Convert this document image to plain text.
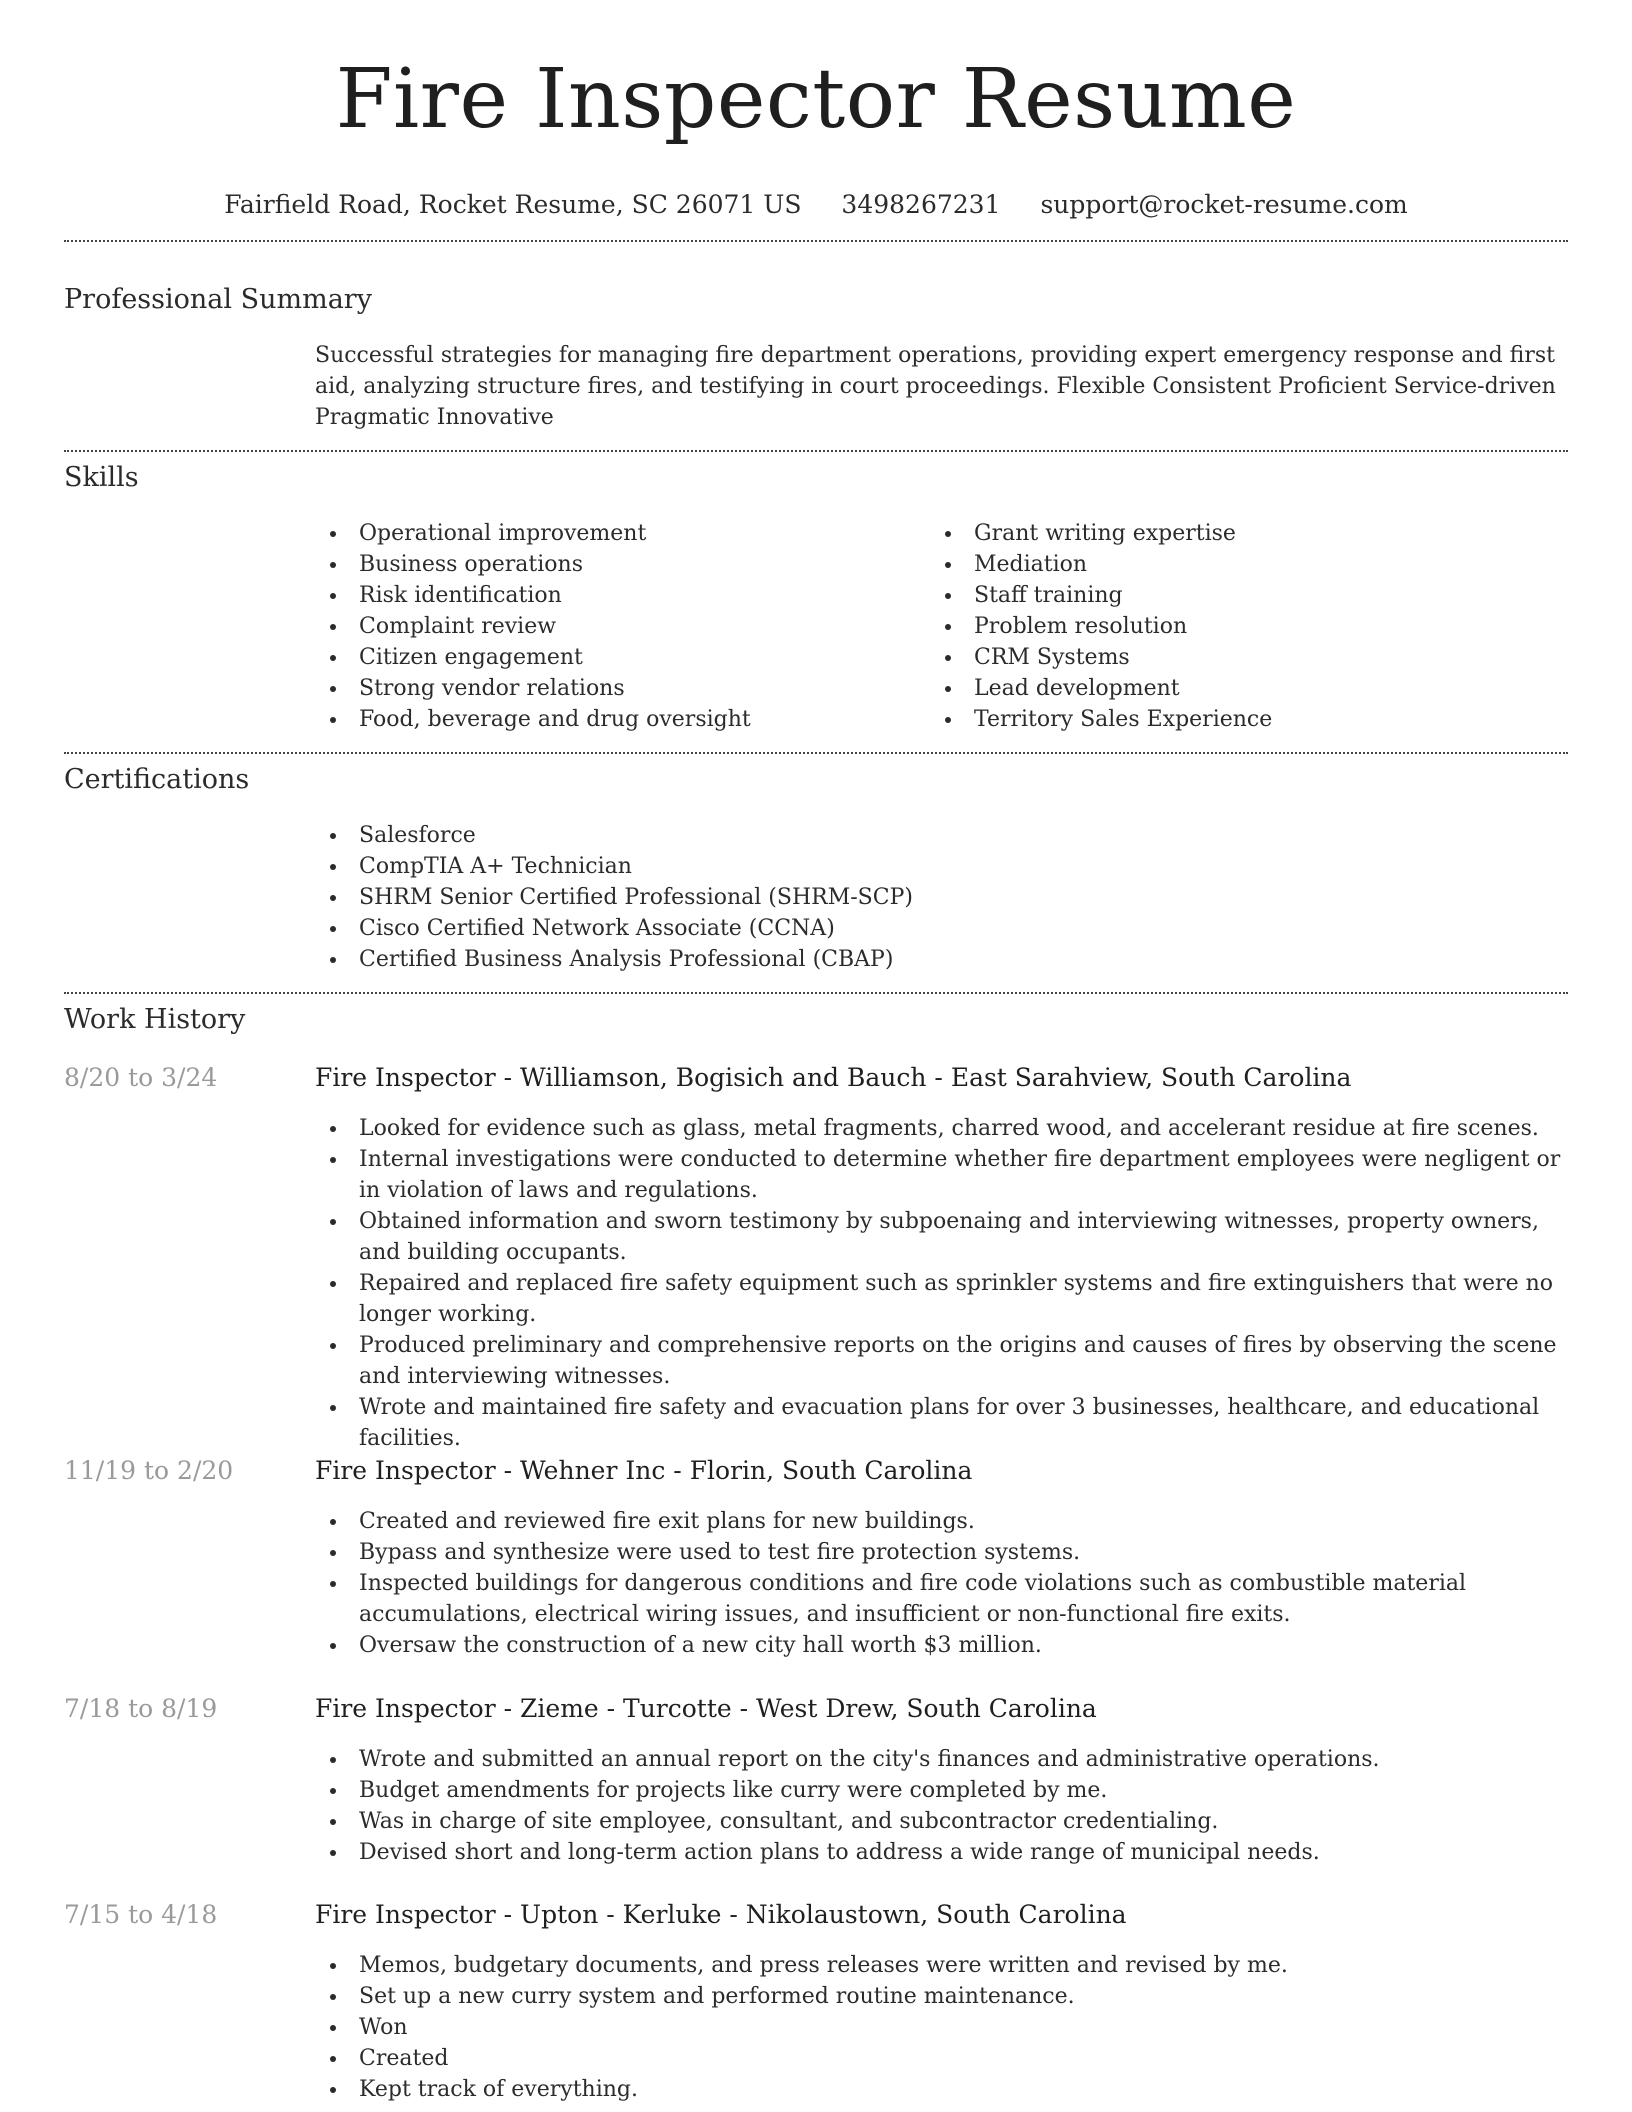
Fire Inspector Resume
Fairfield Road, Rocket Resume, SC 26071 US 3498267231 support@rocket-resume.com
Professional Summary
Successful strategies for managing fire department operations, providing expert emergency response and first aid, analyzing structure fires, and testifying in court proceedings. Flexible Consistent Proficient Service-driven Pragmatic Innovative
Skills
Operational improvement
Business operations
Risk identification
Complaint review
Citizen engagement
Strong vendor relations
Food, beverage and drug oversight
Grant writing expertise
Mediation
Staff training
Problem resolution
CRM Systems
Lead development
Territory Sales Experience
Certifications
Salesforce
CompTIA A+ Technician
SHRM Senior Certified Professional (SHRM-SCP)
Cisco Certified Network Associate (CCNA)
Certified Business Analysis Professional (CBAP)
Work History
8/20 to 3/24	Fire Inspector - Williamson, Bogisich and Bauch - East Sarahview, South Carolina
Looked for evidence such as glass, metal fragments, charred wood, and accelerant residue at fire scenes.
Internal investigations were conducted to determine whether fire department employees were negligent or in violation of laws and regulations.
Obtained information and sworn testimony by subpoenaing and interviewing witnesses, property owners, and building occupants.
Repaired and replaced fire safety equipment such as sprinkler systems and fire extinguishers that were no longer working.
Produced preliminary and comprehensive reports on the origins and causes of fires by observing the scene and interviewing witnesses.
Wrote and maintained fire safety and evacuation plans for over 3 businesses, healthcare, and educational facilities.
11/19 to 2/20	Fire Inspector - Wehner Inc - Florin, South Carolina
Created and reviewed fire exit plans for new buildings.
Bypass and synthesize were used to test fire protection systems.
Inspected buildings for dangerous conditions and fire code violations such as combustible material accumulations, electrical wiring issues, and insufficient or non-functional fire exits.
Oversaw the construction of a new city hall worth $3 million.
7/18 to 8/19	Fire Inspector - Zieme - Turcotte - West Drew, South Carolina
Wrote and submitted an annual report on the city's finances and administrative operations.
Budget amendments for projects like curry were completed by me.
Was in charge of site employee, consultant, and subcontractor credentialing.
Devised short and long-term action plans to address a wide range of municipal needs.
7/15 to 4/18	Fire Inspector - Upton - Kerluke - Nikolaustown, South Carolina
Memos, budgetary documents, and press releases were written and revised by me.
Set up a new curry system and performed routine maintenance.
Won
Created
Kept track of everything.
